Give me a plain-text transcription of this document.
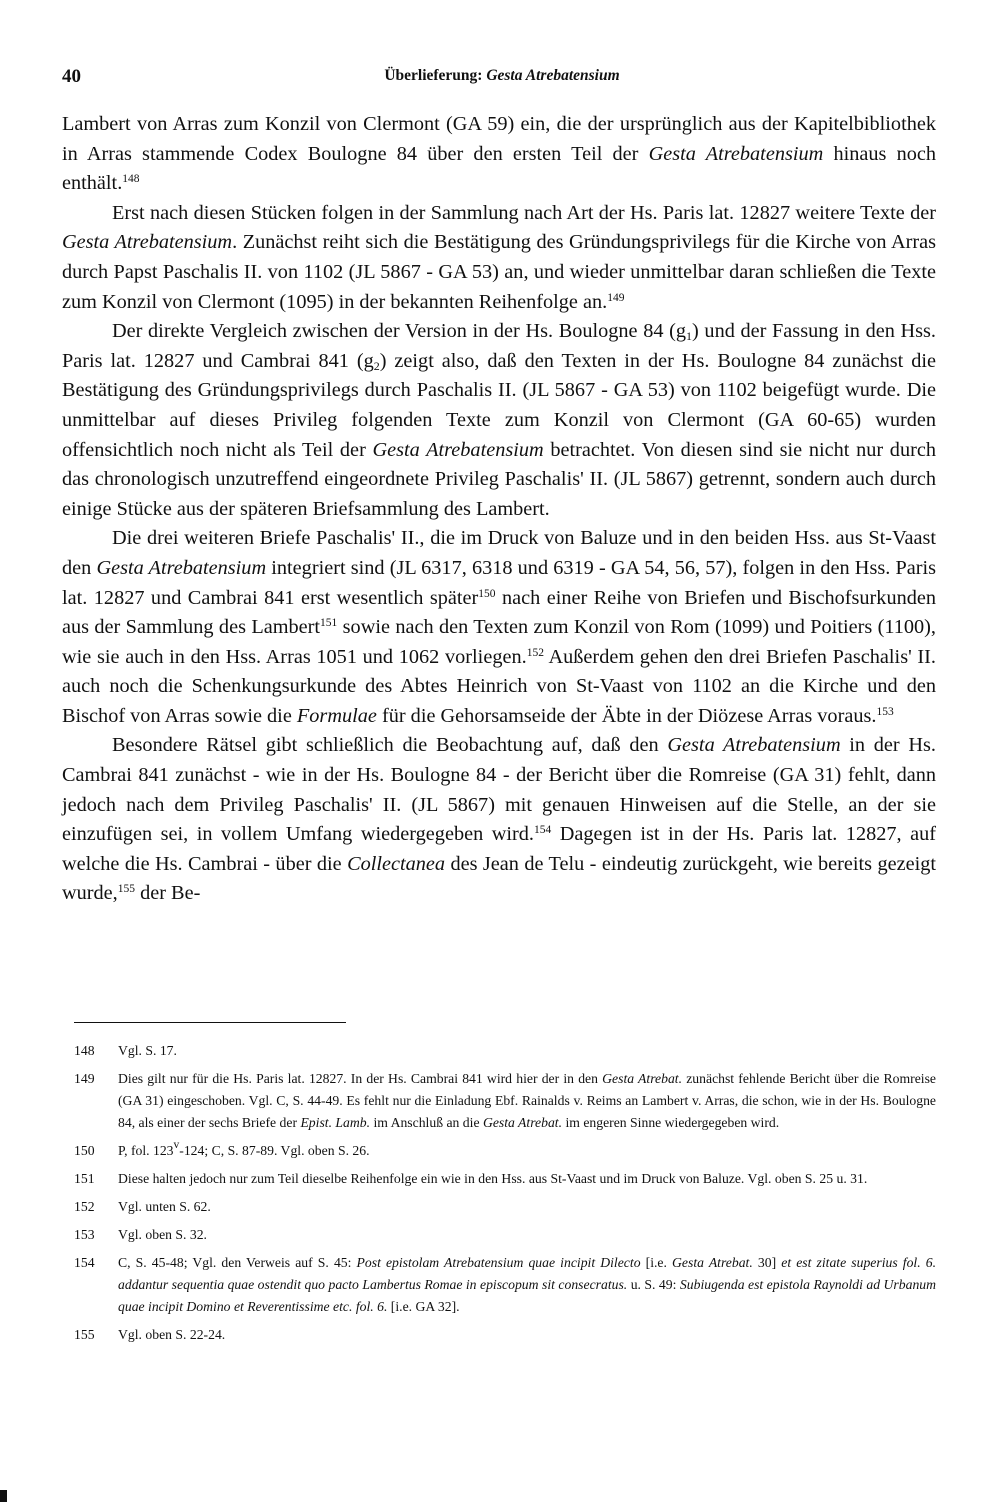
40	Überlieferung: Gesta Atrebatensium

Lambert von Arras zum Konzil von Clermont (GA 59) ein, die der ursprünglich aus der Kapitelbibliothek in Arras stammende Codex Boulogne 84 über den ersten Teil der Gesta Atrebatensium hinaus noch enthält.$^{148}$

Erst nach diesen Stücken folgen in der Sammlung nach Art der Hs. Paris lat. 12827 weitere Texte der Gesta Atrebatensium. Zunächst reiht sich die Bestätigung des Gründungsprivilegs für die Kirche von Arras durch Papst Paschalis II. von 1102 (JL 5867 - GA 53) an, und wieder unmittelbar daran schließen die Texte zum Konzil von Clermont (1095) in der bekannten Reihenfolge an.$^{149}$

Der direkte Vergleich zwischen der Version in der Hs. Boulogne 84 $(g_1)$ und der Fassung in den Hss. Paris lat. 12827 und Cambrai 841 $(g_2)$ zeigt also, daß den Texten in der Hs. Boulogne 84 zunächst die Bestätigung des Gründungsprivilegs durch Paschalis II. (JL 5867 - GA 53) von 1102 beigefügt wurde. Die unmittelbar auf dieses Privileg folgenden Texte zum Konzil von Clermont (GA 60-65) wurden offensichtlich noch nicht als Teil der Gesta Atrebatensium betrachtet. Von diesen sind sie nicht nur durch das chronologisch unzutreffend eingeordnete Privileg Paschalis' II. (JL 5867) getrennt, sondern auch durch einige Stücke aus der späteren Briefsammlung des Lambert.

Die drei weiteren Briefe Paschalis' II., die im Druck von Baluze und in den beiden Hss. aus St-Vaast den Gesta Atrebatensium integriert sind (JL 6317, 6318 und 6319 - GA 54, 56, 57), folgen in den Hss. Paris lat. 12827 und Cambrai 841 erst wesentlich später$^{150}$ nach einer Reihe von Briefen und Bischofsurkunden aus der Sammlung des Lambert$^{151}$ sowie nach den Texten zum Konzil von Rom (1099) und Poitiers (1100), wie sie auch in den Hss. Arras 1051 und 1062 vorliegen.$^{152}$ Außerdem gehen den drei Briefen Paschalis' II. auch noch die Schenkungsurkunde des Abtes Heinrich von St-Vaast von 1102 an die Kirche und den Bischof von Arras sowie die Formulae für die Gehorsamseide der Äbte in der Diözese Arras voraus.$^{153}$

Besondere Rätsel gibt schließlich die Beobachtung auf, daß den Gesta Atrebatensium in der Hs. Cambrai 841 zunächst - wie in der Hs. Boulogne 84 - der Bericht über die Romreise (GA 31) fehlt, dann jedoch nach dem Privileg Paschalis' II. (JL 5867) mit genauen Hinweisen auf die Stelle, an der sie einzufügen sei, in vollem Umfang wiedergegeben wird.$^{154}$ Dagegen ist in der Hs. Paris lat. 12827, auf welche die Hs. Cambrai - über die Collectanea des Jean de Telu - eindeutig zurückgeht, wie bereits gezeigt wurde,$^{155}$ der Be-

148 Vgl. S. 17.
149 Dies gilt nur für die Hs. Paris lat. 12827. In der Hs. Cambrai 841 wird hier der in den Gesta Atrebat. zunächst fehlende Bericht über die Romreise (GA 31) eingeschoben. Vgl. C, S. 44-49. Es fehlt nur die Einladung Ebf. Rainalds v. Reims an Lambert v. Arras, die schon, wie in der Hs. Boulogne 84, als einer der sechs Briefe der Epist. Lamb. im Anschluß an die Gesta Atrebat. im engeren Sinne wiedergegeben wird.
150 P, fol. 123$^v$-124; C, S. 87-89. Vgl. oben S. 26.
151 Diese halten jedoch nur zum Teil dieselbe Reihenfolge ein wie in den Hss. aus St-Vaast und im Druck von Baluze. Vgl. oben S. 25 u. 31.
152 Vgl. unten S. 62.
153 Vgl. oben S. 32.
154 C, S. 45-48; Vgl. den Verweis auf S. 45: Post epistolam Atrebatensium quae incipit Dilecto [i.e. Gesta Atrebat. 30] et est zitate superius fol. 6. addantur sequentia quae ostendit quo pacto Lambertus Romae in episcopum sit consecratus. u. S. 49: Subiugenda est epistola Raynoldi ad Urbanum quae incipit Domino et Reverentissime etc. fol. 6. [i.e. GA 32].
155 Vgl. oben S. 22-24.
